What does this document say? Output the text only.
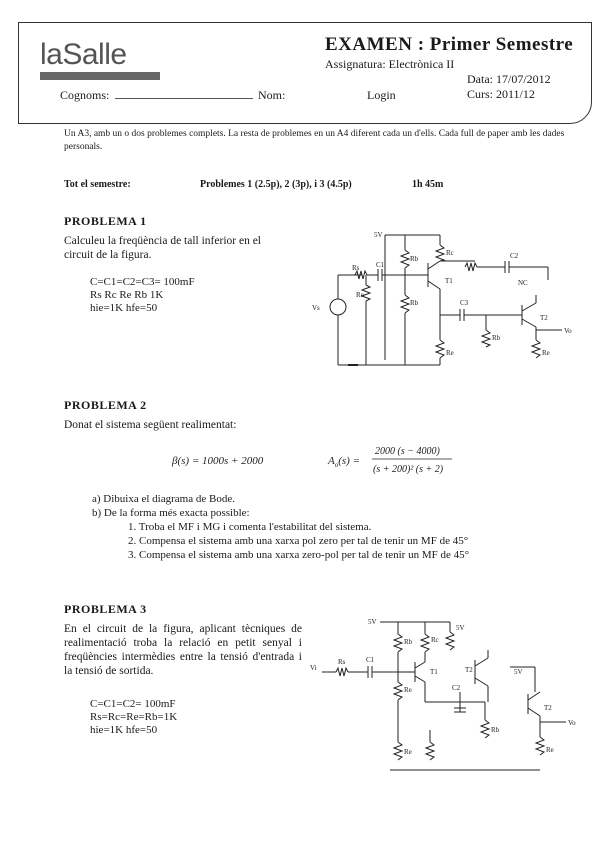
laSalle	EXAMEN : Primer Semestre
Assignatura: Electrònica II
Data: 17/07/2012
Cognoms:	Nom:	Login	Curs: 2011/12
Un A3, amb un o dos problemes complets. La resta de problemes en un A4 diferent cada un d'ells. Cada full de paper amb les dades personals.
Tot el semestre:	Problemes 1 (2.5p), 2 (3p), i 3 (4.5p)	1h 45m
PROBLEMA 1
Calculeu la freqüència de tall inferior en el circuit de la figura.
C=C1=C2=C3= 100mF
Rs Rc Re Rb 1K
hie=1K hfe=50
5V
Rs C1
Rb
Rc
Re
C2
T1
Rb	C3
NC
T2
Rb
Re	Re
Vo
Vs
PROBLEMA 2
Donat el sistema següent realimentat:
β(s) = 1000s + 2000	$A_o(s)$ =
2000 (s − 4000)
(s + 200)² (s + 2)
a) Dibuixa el diagrama de Bode.
b) De la forma més exacta possible:
1. Troba el MF i MG i comenta l'estabilitat del sistema.
2. Compensa el sistema amb una xarxa pol zero per tal de tenir un MF de 45°
3. Compensa el sistema amb una xarxa zero-pol per tal de tenir un MF de 45°
PROBLEMA 3
En el circuit de la figura, aplicant tècniques de realimentació troba la relació en petit senyal i freqüències intermèdies entre la tensió d'entrada i la tensió de sortida.
C=C1=C2= 100mF
Rs=Rc=Re=Rb=1K
hie=1K hfe=50
5V
Rb	Rc
Rs	C1
T1	T2
Re	C2
Rb
Re
5V
T2
Re
Vi
Vo
5V
